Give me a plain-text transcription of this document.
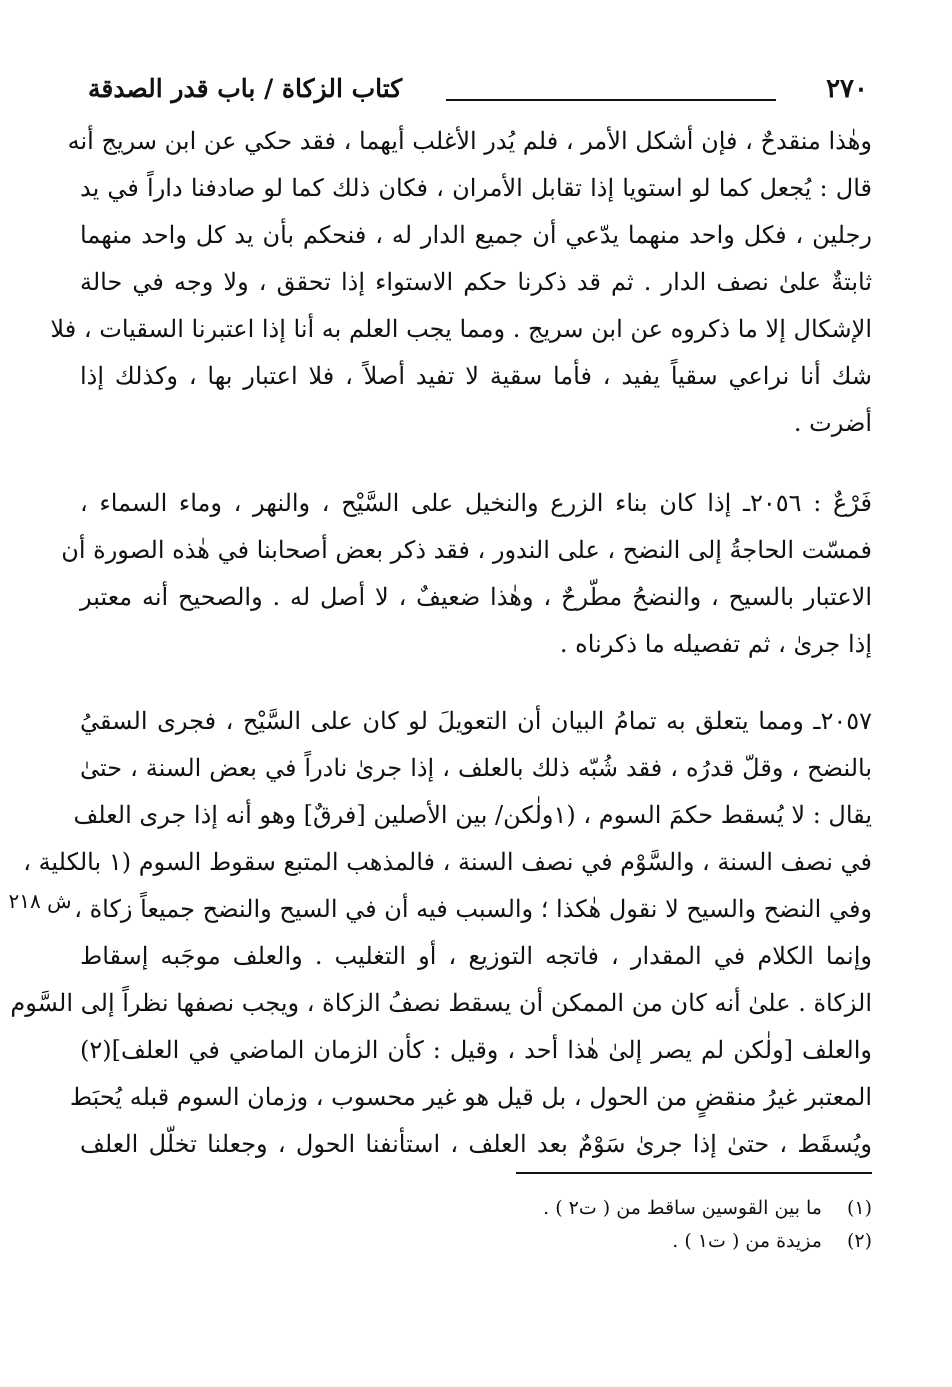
٢٧٠
كتاب الزكاة / باب قدر الصدقة
وهٰذا منقدحٌ ، فإن أشكل الأمر ، فلم يُدر الأغلب أيهما ، فقد حكي عن ابن سريج أنه
قال : يُجعل كما لو استويا إذا تقابل الأمران ، فكان ذلك كما لو صادفنا داراً في يد
رجلين ، فكل واحد منهما يدّعي أن جميع الدار له ، فنحكم بأن يد كل واحد منهما
ثابتةٌ علىٰ نصف الدار . ثم قد ذكرنا حكم الاستواء إذا تحقق ، ولا وجه في حالة
الإشكال إلا ما ذكروه عن ابن سريج . ومما يجب العلم به أنا إذا اعتبرنا السقيات ، فلا
شك أنا نراعي سقياً يفيد ، فأما سقية لا تفيد أصلاً ، فلا اعتبار بها ، وكذلك إذا
أضرت .
فَرْعٌ : ٢٠٥٦ـ إذا كان بناء الزرع والنخيل على السَّيْح ، والنهر ، وماء السماء ،
فمسّت الحاجةُ إلى النضح ، على الندور ، فقد ذكر بعض أصحابنا في هٰذه الصورة أن
الاعتبار بالسيح ، والنضحُ مطّرحٌ ، وهٰذا ضعيفٌ ، لا أصل له . والصحيح أنه معتبر
إذا جرىٰ ، ثم تفصيله ما ذكرناه .
٢٠٥٧ـ ومما يتعلق به تمامُ البيان أن التعويلَ لو كان على السَّيْح ، فجرى السقيُ
بالنضح ، وقلّ قدرُه ، فقد شُبّه ذلك بالعلف ، إذا جرىٰ نادراً في بعض السنة ، حتىٰ
يقال : لا يُسقط حكمَ السوم ، (١ولٰكن/ بين الأصلين [فرقٌ] وهو أنه إذا جرى العلف
في نصف السنة ، والسَّوْم في نصف السنة ، فالمذهب المتبع سقوط السوم (١ بالكلية ،
وفي النضح والسيح لا نقول هٰكذا ؛ والسبب فيه أن في السيح والنضح جميعاً زكاة ،
وإنما الكلام في المقدار ، فاتجه التوزيع ، أو التغليب . والعلف موجَبه إسقاط
الزكاة . علىٰ أنه كان من الممكن أن يسقط نصفُ الزكاة ، ويجب نصفها نظراً إلى السَّوم
والعلف [ولٰكن لم يصر إلىٰ هٰذا أحد ، وقيل : كأن الزمان الماضي في العلف](٢)
المعتبر غيرُ منقضٍ من الحول ، بل قيل هو غير محسوب ، وزمان السوم قبله يُحبَط
ويُسقَط ، حتىٰ إذا جرىٰ سَوْمٌ بعد العلف ، استأنفنا الحول ، وجعلنا تخلّل العلف
ش ٢١٨
(١) ما بين القوسين ساقط من ( ت٢ ) .
(٢) مزيدة من ( ت١ ) .
